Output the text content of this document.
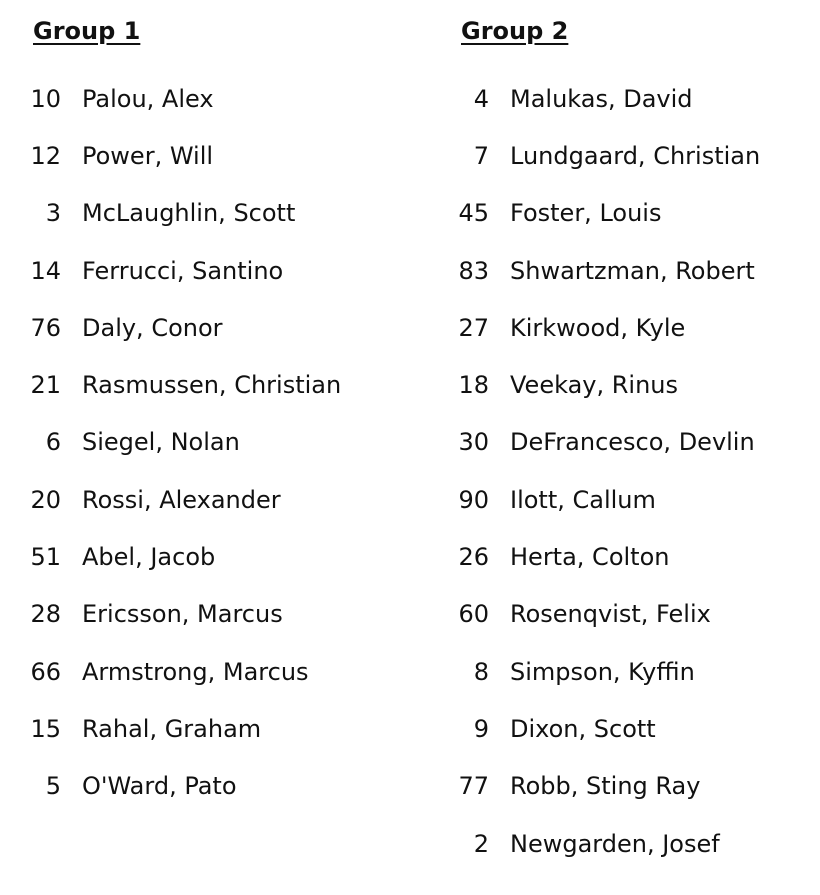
Group 1
10 Palou, Alex
12 Power, Will
3 McLaughlin, Scott
14 Ferrucci, Santino
76 Daly, Conor
21 Rasmussen, Christian
6 Siegel, Nolan
20 Rossi, Alexander
51 Abel, Jacob
28 Ericsson, Marcus
66 Armstrong, Marcus
15 Rahal, Graham
5 O'Ward, Pato
Group 2
4 Malukas, David
7 Lundgaard, Christian
45 Foster, Louis
83 Shwartzman, Robert
27 Kirkwood, Kyle
18 Veekay, Rinus
30 DeFrancesco, Devlin
90 Ilott, Callum
26 Herta, Colton
60 Rosenqvist, Felix
8 Simpson, Kyffin
9 Dixon, Scott
77 Robb, Sting Ray
2 Newgarden, Josef
